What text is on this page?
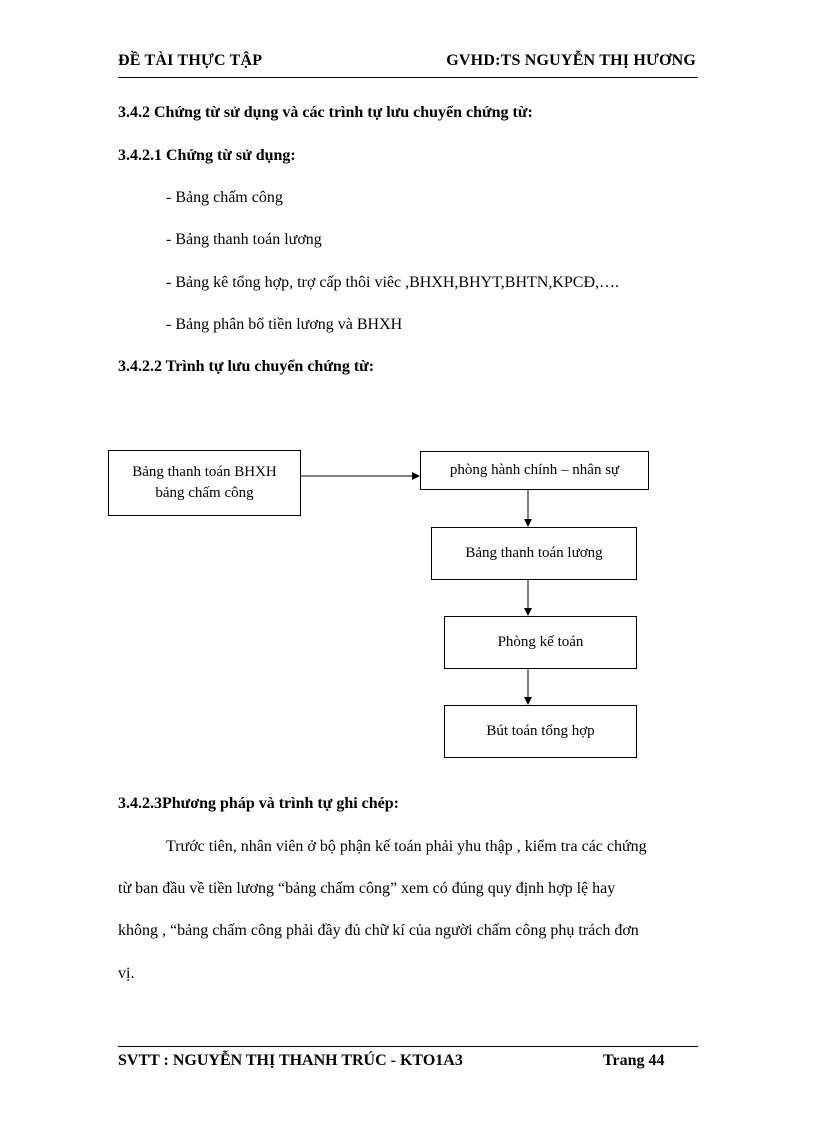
ĐỀ TÀI THỰC TẬP	GVHD:TS NGUYỄN THỊ HƯƠNG
3.4.2 Chứng từ sử dụng và các trình tự lưu chuyển chứng từ:
3.4.2.1 Chứng từ sử dụng:
- Bảng chấm công
- Bảng thanh toán lương
- Bảng kê tổng hợp, trợ cấp thôi viêc ,BHXH,BHYT,BHTN,KPCĐ,….
- Bảng phân bổ tiền lương và BHXH
3.4.2.2 Trình tự lưu chuyển chứng từ:
Bảng thanh toán BHXH
bảng chấm công
phòng hành chính – nhân sự
Bảng thanh toán lương
Phòng kế toán
Bút toán tổng hợp
3.4.2.3Phương pháp và trình tự ghi chép:
Trước tiên, nhân viên ở bộ phận kế toán phải yhu thập , kiểm tra các chứng
từ ban đầu về tiền lương “bảng chấm công” xem có đúng quy định hợp lệ hay
không , “bảng chấm công phải đầy đủ chữ kí của người chấm công phụ trách đơn
vị.
SVTT : NGUYỄN THỊ THANH TRÚC - KTO1A3	Trang 44
